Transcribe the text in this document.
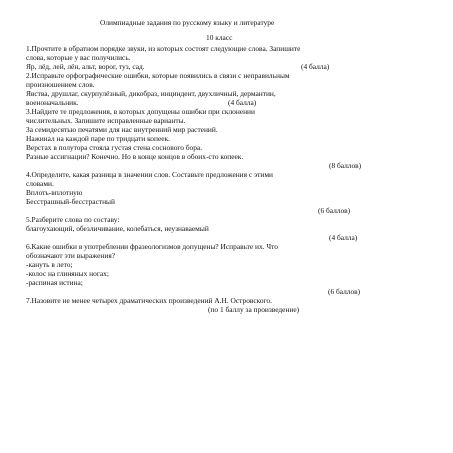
Олимпиадные задания по русскому языку и литературе
10 класс
1.Прочтите в обратном порядке звуки, из которых состоят следующие слова. Запишите
слова, которые у вас получились.
Яр, лёд, лей, лён, альт, ворог, туз, сад.	(4 балла)
2.Исправьте орфографические ошибки, которые появились в связи с неправильным
произношением слов.
Явства, друшлаг, скурпулёзный, дикобраз, инциндент, двухличный, дермантин,
военоначальник.	(4 балла)
3.Найдите те предложения, в которых допущены ошибки при склонении
числительных. Запишите исправленные варианты.
За семидесятью печатями для нас внутренний мир растений.
Нажинал на каждой паре по тридцати копеек.
Верстах в полутора стояла густая стена соснового бора.
Разные ассигнации? Конечно. Но в конце концов в обоих-сто копеек.
(8 баллов)
4.Определите, какая разница в значении слов. Составьте предложения с этими
словами.
Вплоть-вплотную
Бесстрашный-бесстрастный
(6 баллов)
5.Разберите слова по составу:
благоухающий, обезличивание, колебаться, неузнаваемый
(4 балла)
6.Какие ошибки в употреблении фразеологизмов допущены? Исправьте их. Что
обозначают эти выражения?
-кануть в лето;
-колос на глиняных ногах;
-распиная истина;
(6 баллов)
7.Назовите не менее четырех драматических произведений А.Н. Островского.
(по 1 баллу за произведение)
